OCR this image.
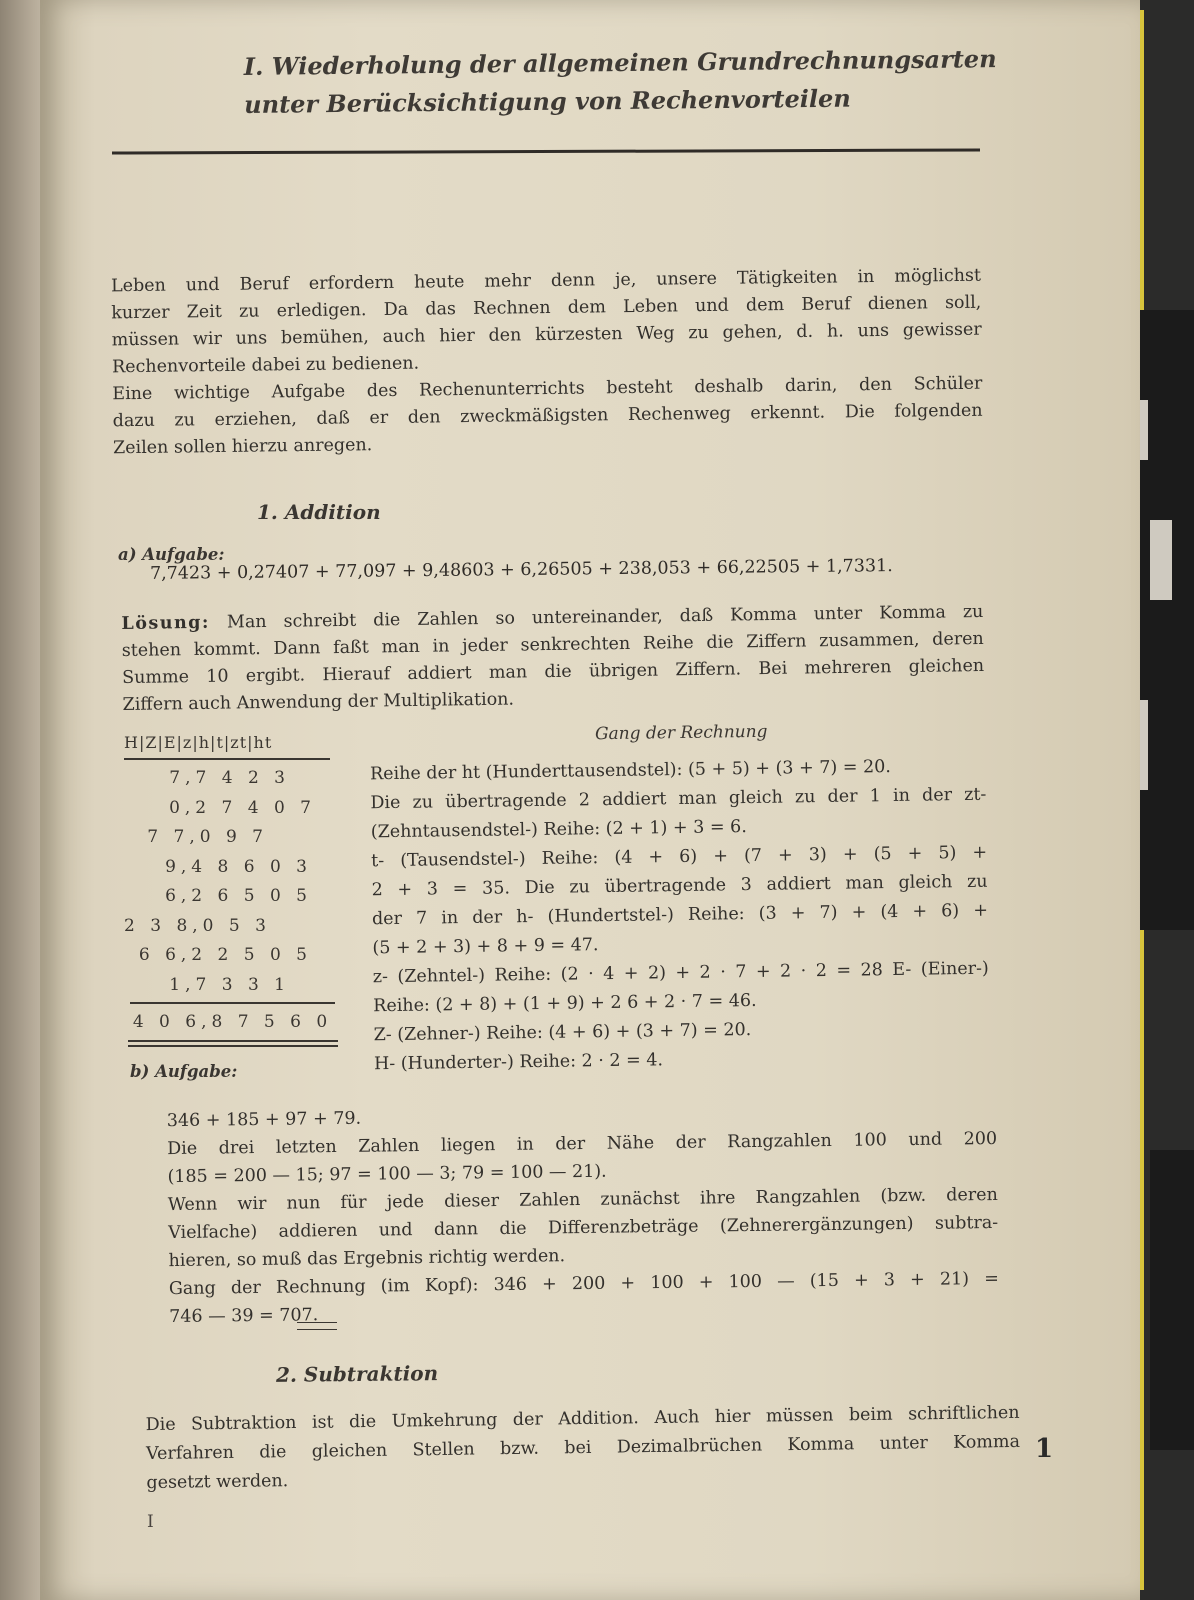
I. Wiederholung der allgemeinen Grundrechnungsarten
unter Berücksichtigung von Rechenvorteilen
Leben und Beruf erfordern heute mehr denn je, unsere Tätigkeiten in möglichst
kurzer Zeit zu erledigen. Da das Rechnen dem Leben und dem Beruf dienen soll,
müssen wir uns bemühen, auch hier den kürzesten Weg zu gehen, d. h. uns gewisser
Rechenvorteile dabei zu bedienen.
Eine wichtige Aufgabe des Rechenunterrichts besteht deshalb darin, den Schüler
dazu zu erziehen, daß er den zweckmäßigsten Rechenweg erkennt. Die folgenden
Zeilen sollen hierzu anregen.
1. Addition
a) Aufgabe:
7,7423 + 0,27407 + 77,097 + 9,48603 + 6,26505 + 238,053 + 66,22505 + 1,7331.
Lösung: Man schreibt die Zahlen so untereinander, daß Komma unter Komma zu
stehen kommt. Dann faßt man in jeder senkrechten Reihe die Ziffern zusammen, deren
Summe 10 ergibt. Hierauf addiert man die übrigen Ziffern. Bei mehreren gleichen
Ziffern auch Anwendung der Multiplikation.
H|Z|E|z|h|t|zt|ht
7,7 4 2 3
0,2 7 4 0 7
7 7,0 9 7
9,4 8 6 0 3
6,2 6 5 0 5
2 3 8,0 5 3
6 6,2 2 5 0 5
1,7 3 3 1
4 0 6,8 7 5 6 0
Gang der Rechnung
Reihe der ht (Hunderttausendstel): (5 + 5) + (3 + 7) = 20.
Die zu übertragende 2 addiert man gleich zu der 1 in der zt-
(Zehntausendstel-) Reihe: (2 + 1) + 3 = 6.
t- (Tausendstel-) Reihe: (4 + 6) + (7 + 3) + (5 + 5) +
2 + 3 = 35. Die zu übertragende 3 addiert man gleich zu
der 7 in der h- (Hundertstel-) Reihe: (3 + 7) + (4 + 6) +
(5 + 2 + 3) + 8 + 9 = 47.
z- (Zehntel-) Reihe: (2 · 4 + 2) + 2 · 7 + 2 · 2 = 28 E- (Einer-)
Reihe: (2 + 8) + (1 + 9) + 2 6 + 2 · 7 = 46.
Z- (Zehner-) Reihe: (4 + 6) + (3 + 7) = 20.
H- (Hunderter-) Reihe: 2 · 2 = 4.
b) Aufgabe:
346 + 185 + 97 + 79.
Die drei letzten Zahlen liegen in der Nähe der Rangzahlen 100 und 200
(185 = 200 — 15; 97 = 100 — 3; 79 = 100 — 21).
Wenn wir nun für jede dieser Zahlen zunächst ihre Rangzahlen (bzw. deren
Vielfache) addieren und dann die Differenzbeträge (Zehnerergänzungen) subtra-
hieren, so muß das Ergebnis richtig werden.
Gang der Rechnung (im Kopf): 346 + 200 + 100 + 100 — (15 + 3 + 21) =
746 — 39 = 707.
2. Subtraktion
Die Subtraktion ist die Umkehrung der Addition. Auch hier müssen beim schriftlichen
Verfahren die gleichen Stellen bzw. bei Dezimalbrüchen Komma unter Komma
gesetzt werden.
1
I
